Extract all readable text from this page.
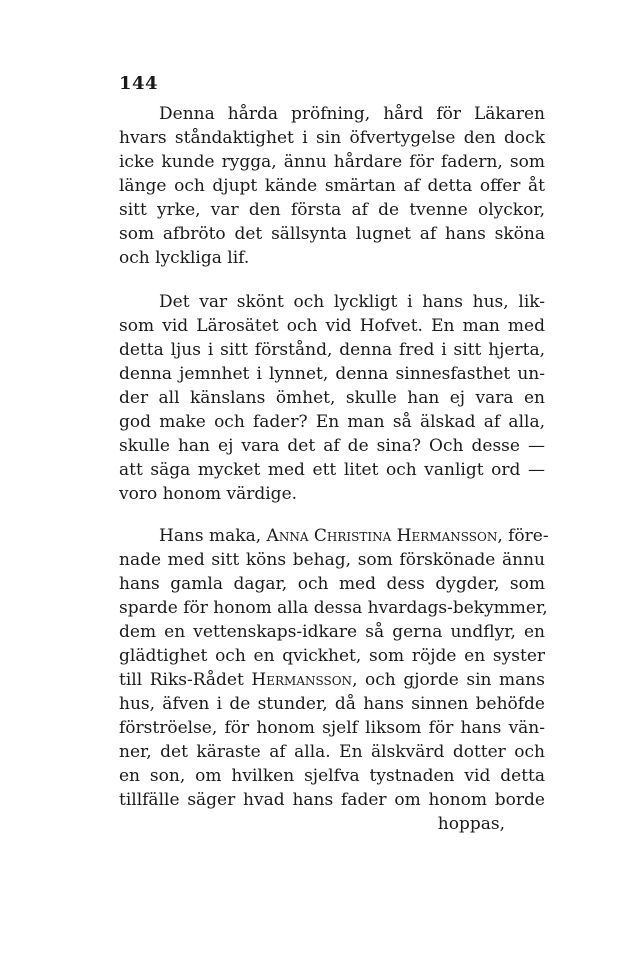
144
Denna hårda pröfning, hård för Läkaren
hvars ståndaktighet i sin öfvertygelse den dock
icke kunde rygga, ännu hårdare för fadern, som
länge och djupt kände smärtan af detta offer åt
sitt yrke, var den första af de tvenne olyckor,
som afbröto det sällsynta lugnet af hans sköna
och lyckliga lif.
Det var skönt och lyckligt i hans hus, lik-
som vid Lärosätet och vid Hofvet. En man med
detta ljus i sitt förstånd, denna fred i sitt hjerta,
denna jemnhet i lynnet, denna sinnesfasthet un-
der all känslans ömhet, skulle han ej vara en
god make och fader? En man så älskad af alla,
skulle han ej vara det af de sina? Och desse —
att säga mycket med ett litet och vanligt ord —
voro honom värdige.
Hans maka, Anna Christina Hermansson, före-
nade med sitt köns behag, som förskönade ännu
hans gamla dagar, och med dess dygder, som
sparde för honom alla dessa hvardags-bekymmer,
dem en vettenskaps-idkare så gerna undflyr, en
glädtighet och en qvickhet, som röjde en syster
till Riks-Rådet Hermansson, och gjorde sin mans
hus, äfven i de stunder, då hans sinnen behöfde
förströelse, för honom sjelf liksom för hans vän-
ner, det käraste af alla. En älskvärd dotter och
en son, om hvilken sjelfva tystnaden vid detta
tillfälle säger hvad hans fader om honom borde
hoppas,
